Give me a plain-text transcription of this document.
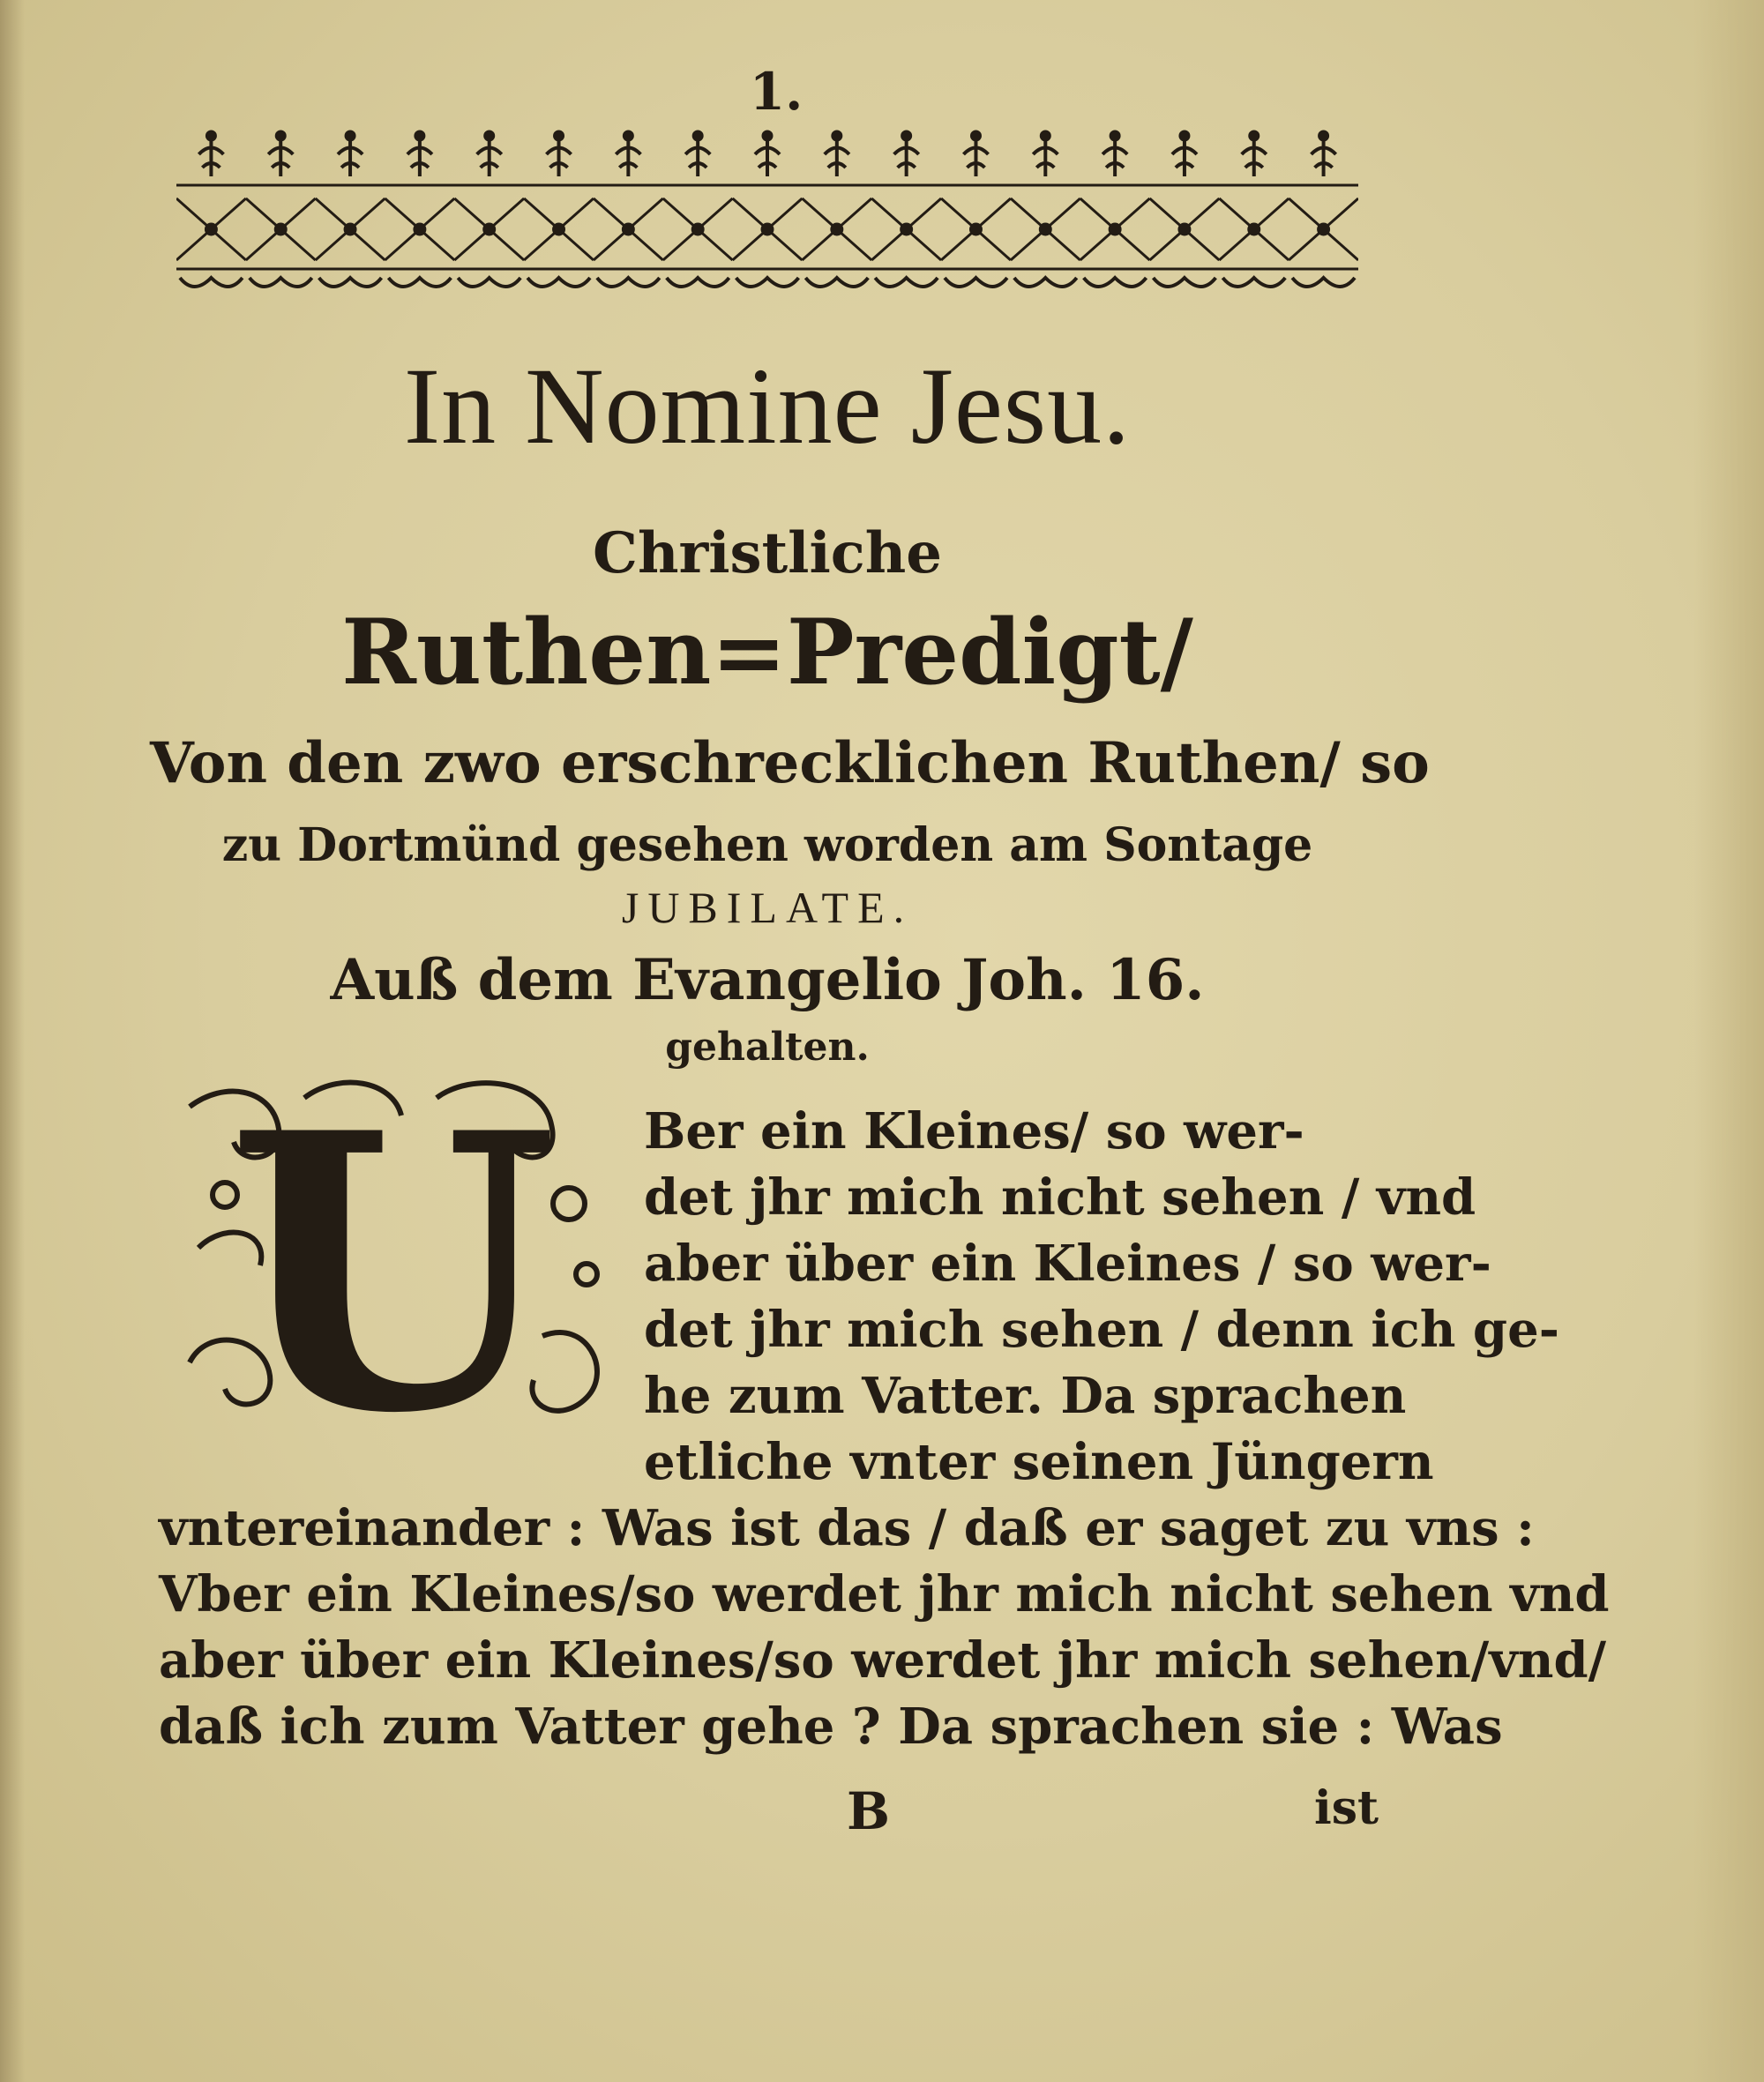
1.
In Nomine Jesu.
Christliche
Ruthen=Predigt/
Von den zwo erschrecklichen Ruthen/ so
zu Dortmünd gesehen worden am Sontage
JUBILATE.
Auß dem Evangelio Joh. 16.
gehalten.
U Ber ein Kleines/ so wer-
det jhr mich nicht sehen / vnd
aber über ein Kleines / so wer-
det jhr mich sehen / denn ich ge-
he zum Vatter. Da sprachen
etliche vnter seinen Jüngern
vntereinander : Was ist das / daß er saget zu vns :
Vber ein Kleines/so werdet jhr mich nicht sehen vnd
aber über ein Kleines/so werdet jhr mich sehen/vnd/
daß ich zum Vatter gehe ? Da sprachen sie : Was
B	ist
